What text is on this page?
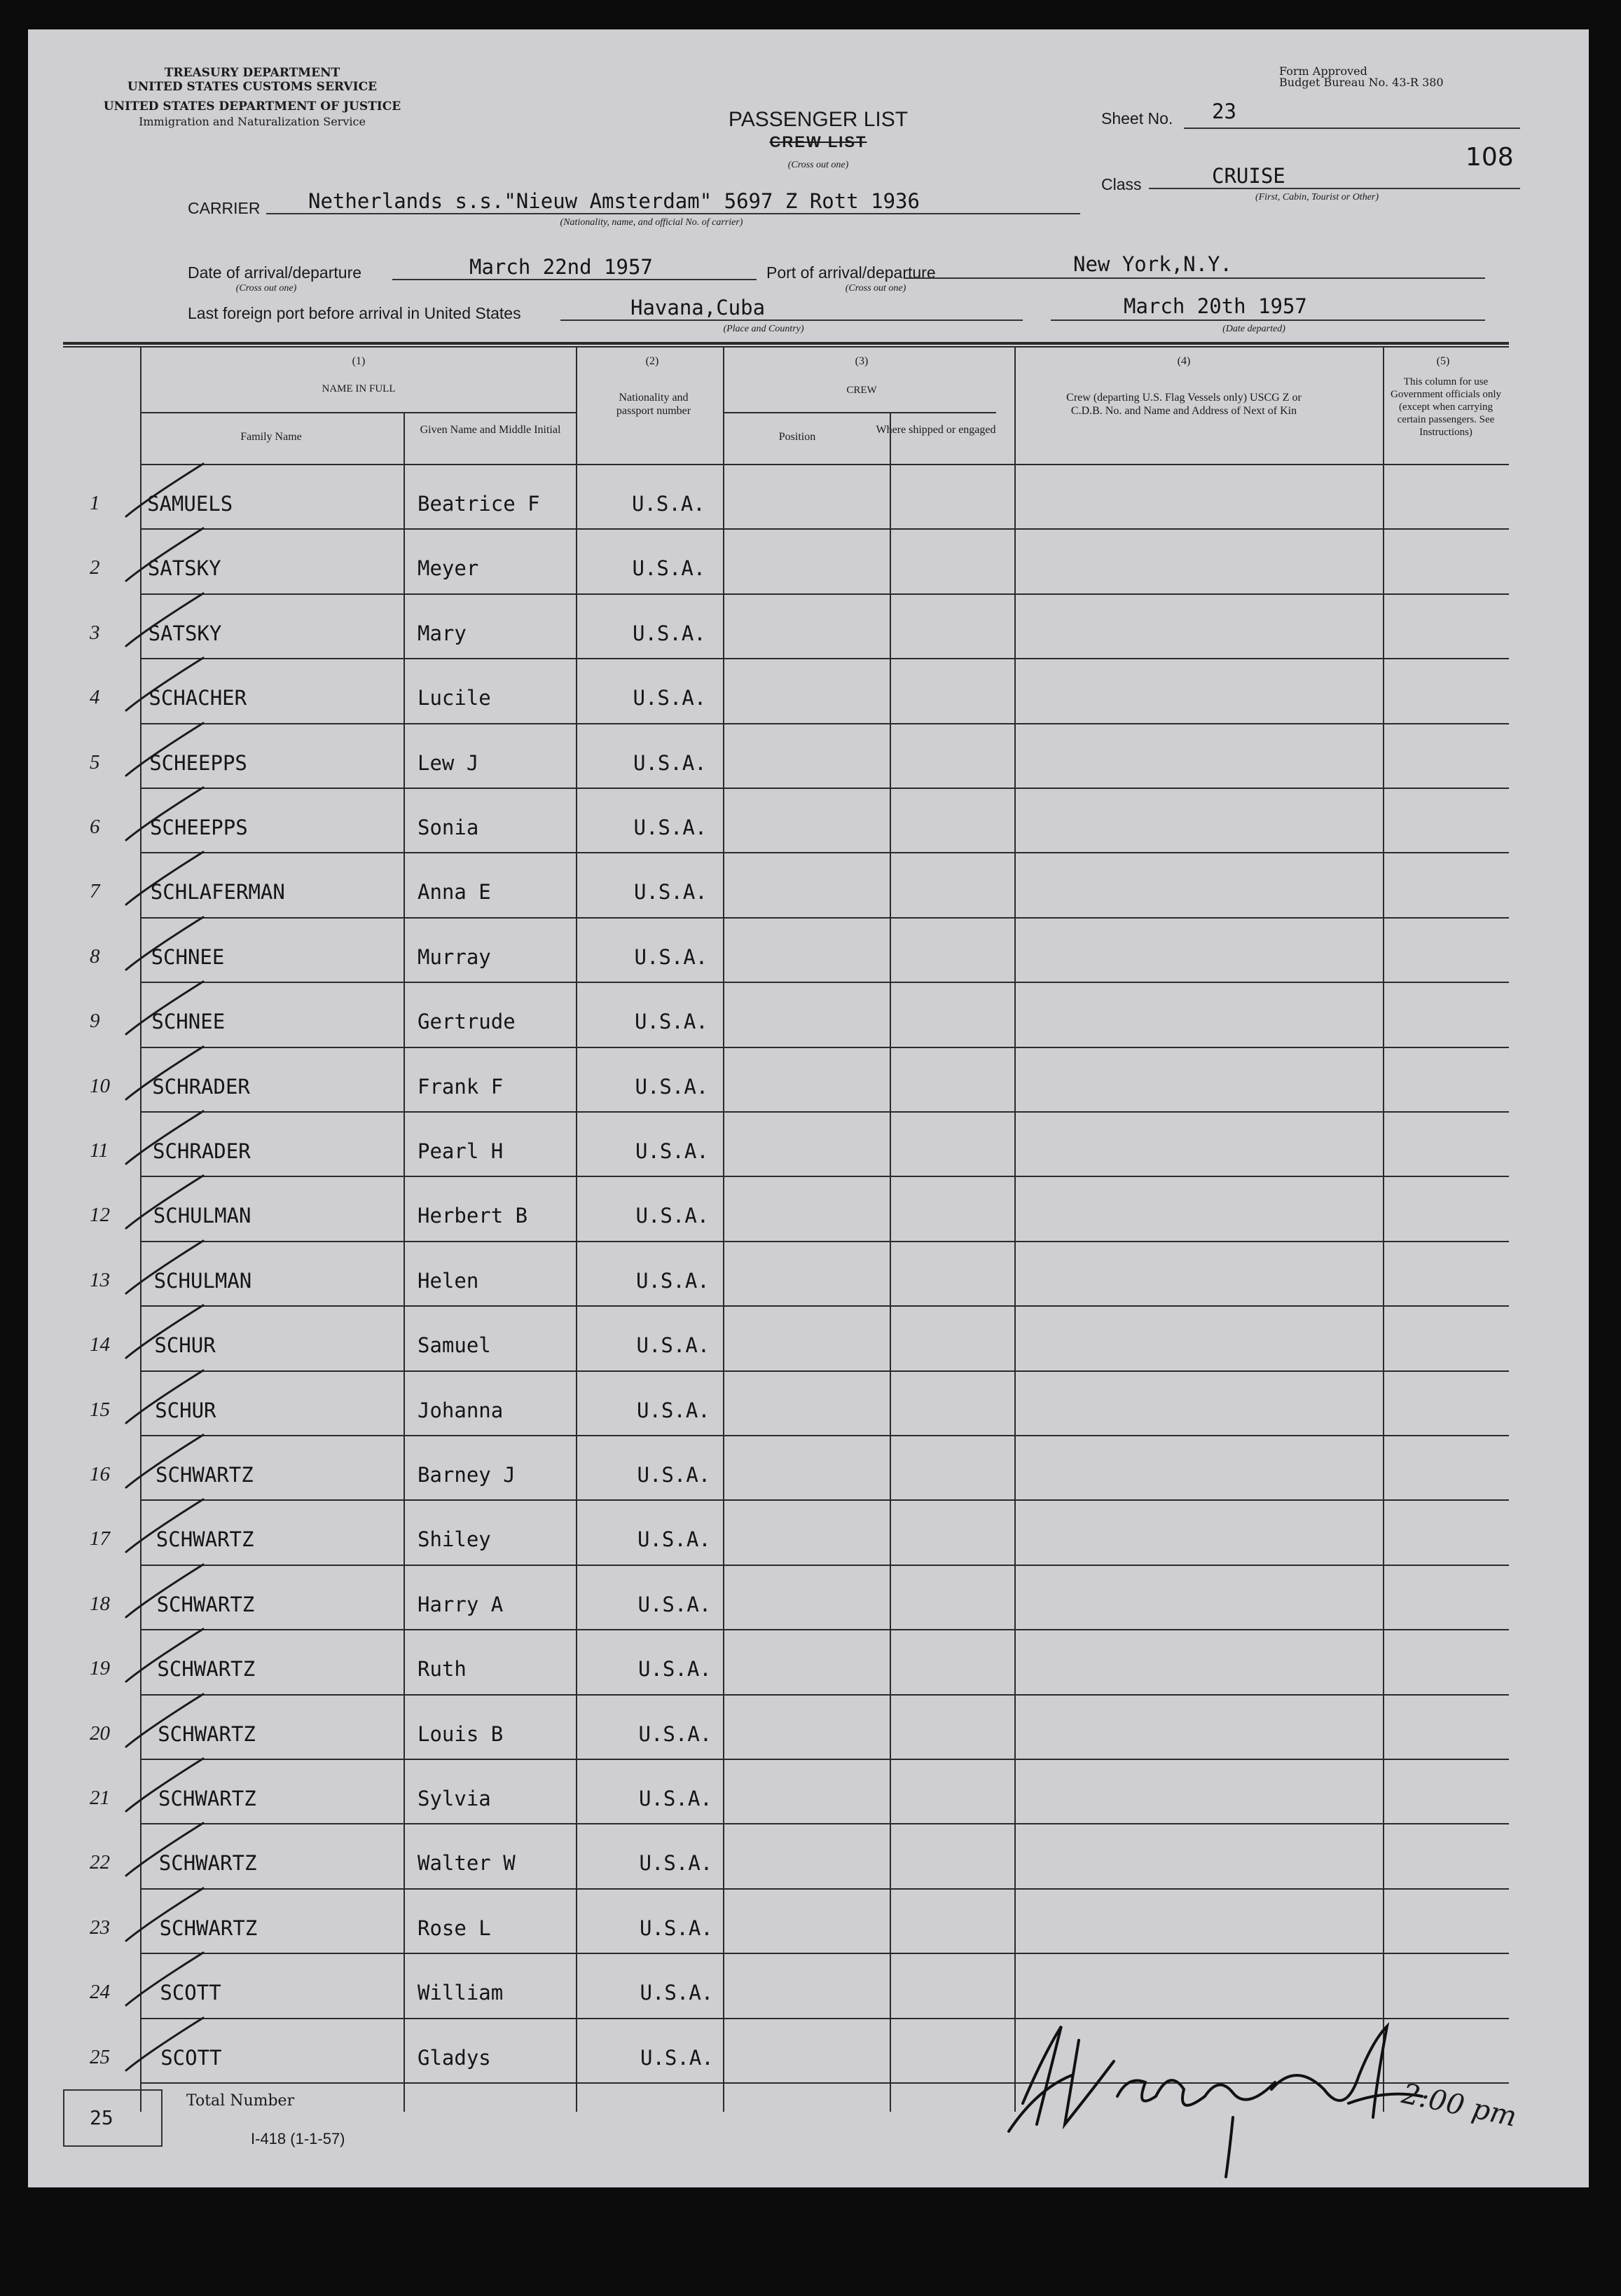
TREASURY DEPARTMENT
UNITED STATES CUSTOMS SERVICE
UNITED STATES DEPARTMENT OF JUSTICE
Immigration and Naturalization Service	PASSENGER LIST
CREW LIST
(Cross out one)
Form Approved
Budget Bureau No. 43-R 380
Sheet No. 23
108
Class	CRUISE
(First, Cabin, Tourist or Other)
CARRIER Netherlands s.s."Nieuw Amsterdam" 5697 Z Rott 1936
(Nationality, name, and official No. of carrier)
Date of arrival/departure	March 22nd 1957
(Cross out one)
Port of arrival/departure	New York,N.Y.
(Cross out one)
Last foreign port before arrival in United States	Havana,Cuba
(Place and Country)
March 20th 1957
(Date departed)
(1)
NAME IN FULL
Family Name
Given Name and Middle Initial
(2)
Nationality and passport number
(3)
CREW
Position
Where shipped or engaged
(4)
Crew (departing U.S. Flag Vessels only) USCG Z or C.D.B. No. and Name and Address of Next of Kin
(5)
This column for use Government officials only (except when carrying certain passengers. See Instructions)
1 SAMUELS	Beatrice F	U.S.A.
2 SATSKY	Meyer	U.S.A.
3 SATSKY	Mary	U.S.A.
4 SCHACHER	Lucile	U.S.A.
5 SCHEEPPS	Lew J	U.S.A.
6 SCHEEPPS	Sonia	U.S.A.
7 SCHLAFERMAN	Anna E	U.S.A.
8	SCHNEE	Murray	U.S.A.
9	SCHNEE	Gertrude	U.S.A.
10 SCHRADER	Frank F	U.S.A.
11 SCHRADER	Pearl H	U.S.A.
12 SCHULMAN	Herbert B	U.S.A.
13 SCHULMAN	Helen	U.S.A.
14 SCHUR	Samuel	U.S.A.
15 SCHUR	Johanna	U.S.A.
16 SCHWARTZ	Barney J	U.S.A.
17 SCHWARTZ	Shiley	U.S.A.
18 SCHWARTZ	Harry A	U.S.A.
19 SCHWARTZ	Ruth	U.S.A.
20 SCHWARTZ	Louis B	U.S.A.
21 SCHWARTZ	Sylvia	U.S.A.
22 SCHWARTZ	Walter W	U.S.A.
23 SCHWARTZ	Rose L	U.S.A.
24 SCOTT	William	U.S.A.
25 SCOTT	Gladys	U.S.A.
25
Total Number
I-418 (1-1-57)
2:00 pm
